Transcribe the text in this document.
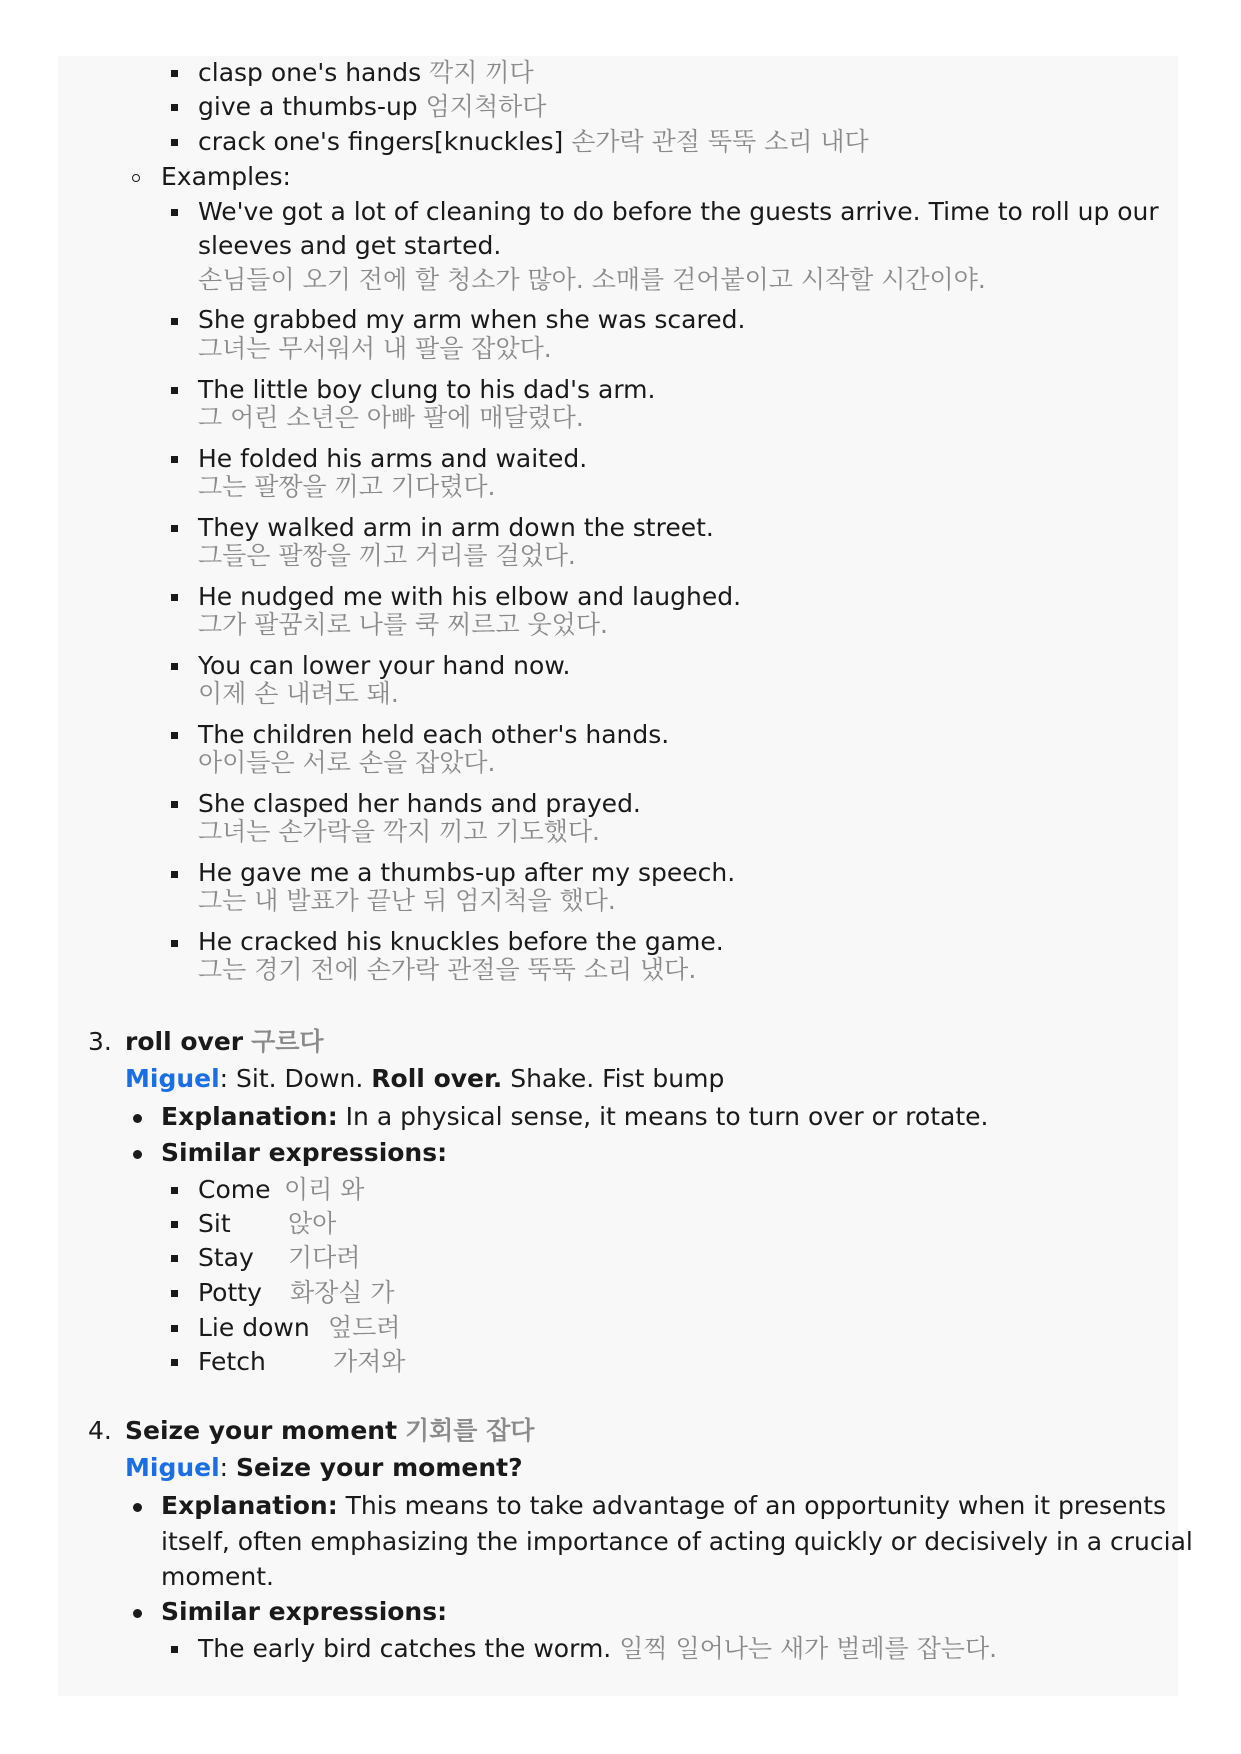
clasp one's hands 깍지 끼다
give a thumbs-up 엄지척하다
crack one's fingers[knuckles] 손가락 관절 뚝뚝 소리 내다
Examples:
We've got a lot of cleaning to do before the guests arrive. Time to roll up our
sleeves and get started.
손님들이 오기 전에 할 청소가 많아. 소매를 걷어붙이고 시작할 시간이야.
She grabbed my arm when she was scared.
그녀는 무서워서 내 팔을 잡았다.
The little boy clung to his dad's arm.
그 어린 소년은 아빠 팔에 매달렸다.
He folded his arms and waited.
그는 팔짱을 끼고 기다렸다.
They walked arm in arm down the street.
그들은 팔짱을 끼고 거리를 걸었다.
He nudged me with his elbow and laughed.
그가 팔꿈치로 나를 쿡 찌르고 웃었다.
You can lower your hand now.
이제 손 내려도 돼.
The children held each other's hands.
아이들은 서로 손을 잡았다.
She clasped her hands and prayed.
그녀는 손가락을 깍지 끼고 기도했다.
He gave me a thumbs-up after my speech.
그는 내 발표가 끝난 뒤 엄지척을 했다.
He cracked his knuckles before the game.
그는 경기 전에 손가락 관절을 뚝뚝 소리 냈다.
3. roll over 구르다
Miguel: Sit. Down. Roll over. Shake. Fist bump
Explanation: In a physical sense, it means to turn over or rotate.
Similar expressions:
Come 이리 와
Sit 앉아
Stay 기다려
Potty 화장실 가
Lie down 엎드려
Fetch	가져와
4. Seize your moment 기회를 잡다
Miguel: Seize your moment?
Explanation: This means to take advantage of an opportunity when it presents
itself, often emphasizing the importance of acting quickly or decisively in a crucial
moment.
Similar expressions:
The early bird catches the worm. 일찍 일어나는 새가 벌레를 잡는다.
